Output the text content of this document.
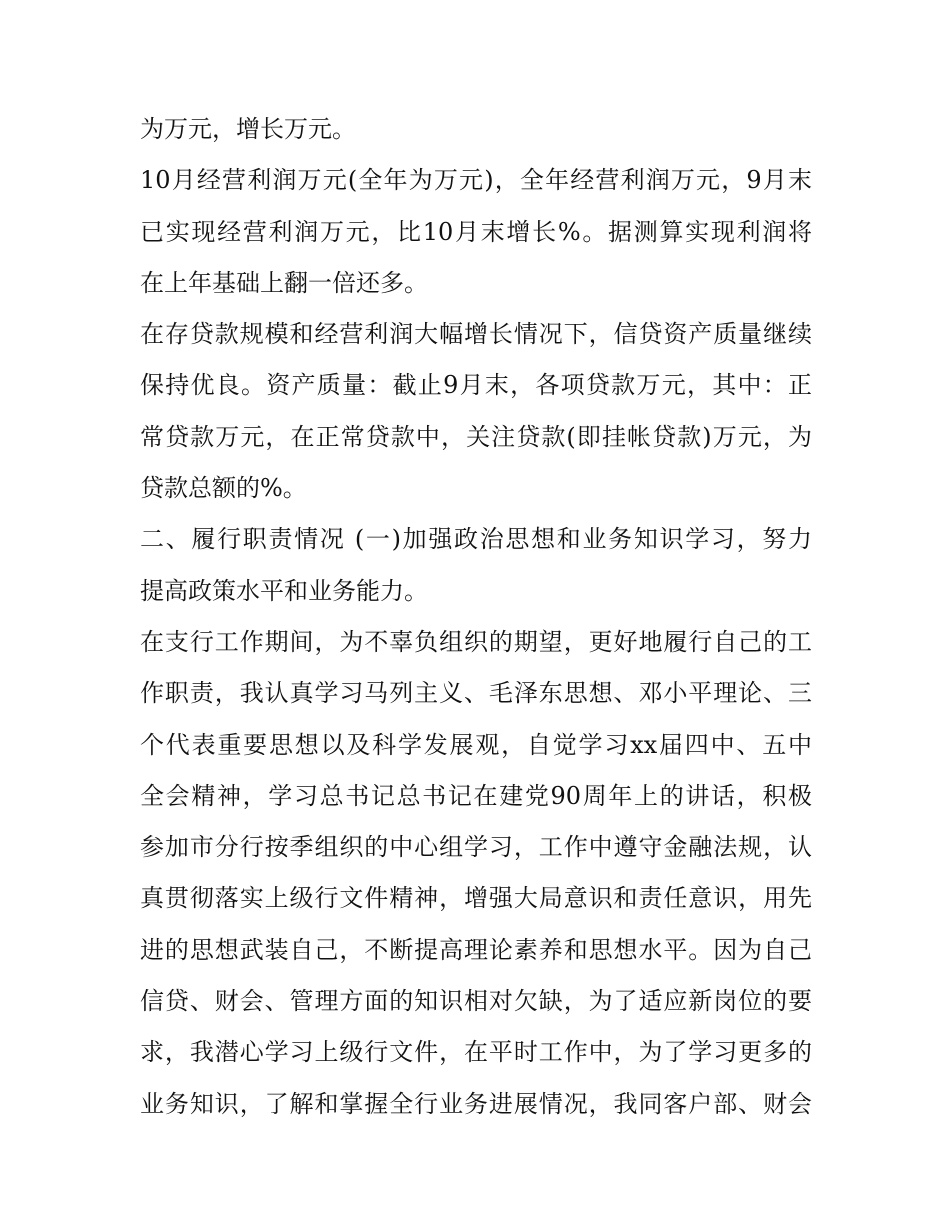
为万元，增长万元。
10月经营利润万元(全年为万元)，全年经营利润万元，9月末
已实现经营利润万元，比10月末增长%。据测算实现利润将
在上年基础上翻一倍还多。
在存贷款规模和经营利润大幅增长情况下，信贷资产质量继续
保持优良。资产质量：截止9月末，各项贷款万元，其中：正
常贷款万元，在正常贷款中，关注贷款(即挂帐贷款)万元，为
贷款总额的%。
二、履行职责情况 (一)加强政治思想和业务知识学习，努力
提高政策水平和业务能力。
在支行工作期间，为不辜负组织的期望，更好地履行自己的工
作职责，我认真学习马列主义、毛泽东思想、邓小平理论、三
个代表重要思想以及科学发展观，自觉学习xx届四中、五中
全会精神，学习总书记总书记在建党90周年上的讲话，积极
参加市分行按季组织的中心组学习，工作中遵守金融法规，认
真贯彻落实上级行文件精神，增强大局意识和责任意识，用先
进的思想武装自己，不断提高理论素养和思想水平。因为自己
信贷、财会、管理方面的知识相对欠缺，为了适应新岗位的要
求，我潜心学习上级行文件，在平时工作中，为了学习更多的
业务知识，了解和掌握全行业务进展情况，我同客户部、财会
